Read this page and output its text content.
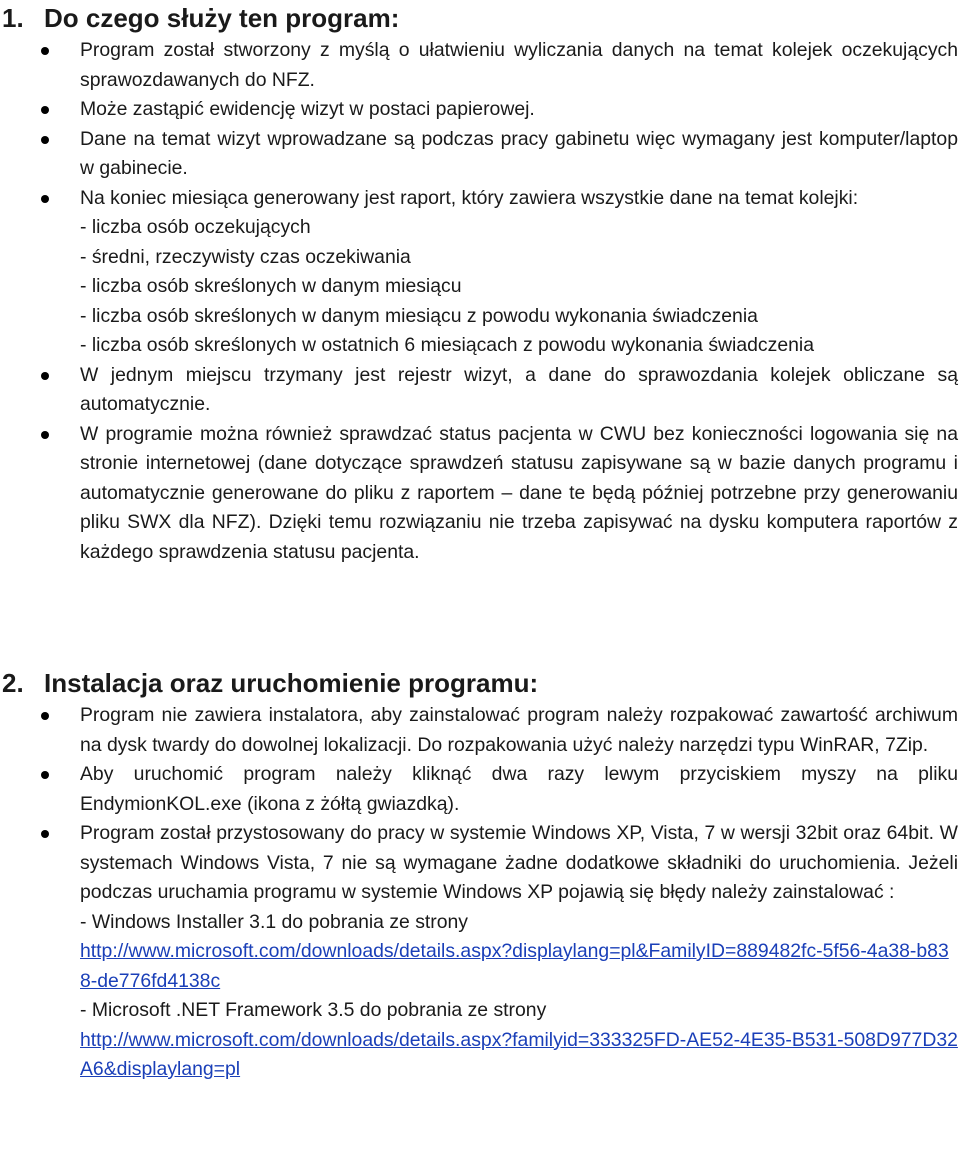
1. Do czego służy ten program:
Program został stworzony z myślą o ułatwieniu wyliczania danych na temat kolejek oczekujących sprawozdawanych do NFZ.
Może zastąpić ewidencję wizyt w postaci papierowej.
Dane na temat wizyt wprowadzane są podczas pracy gabinetu więc wymagany jest komputer/laptop w gabinecie.
Na koniec miesiąca generowany jest raport, który zawiera wszystkie dane na temat kolejki:
- liczba osób oczekujących
- średni, rzeczywisty czas oczekiwania
- liczba osób skreślonych w danym miesiącu
- liczba osób skreślonych w danym miesiącu z powodu wykonania świadczenia
- liczba osób skreślonych w ostatnich 6 miesiącach z powodu wykonania świadczenia
W jednym miejscu trzymany jest rejestr wizyt, a dane do sprawozdania kolejek obliczane są automatycznie.
W programie można również sprawdzać status pacjenta w CWU bez konieczności logowania się na stronie internetowej (dane dotyczące sprawdzeń statusu zapisywane są w bazie danych programu i automatycznie generowane do pliku z raportem – dane te będą później potrzebne przy generowaniu pliku SWX dla NFZ). Dzięki temu rozwiązaniu nie trzeba zapisywać na dysku komputera raportów z każdego sprawdzenia statusu pacjenta.
2. Instalacja oraz uruchomienie programu:
Program nie zawiera instalatora, aby zainstalować program należy rozpakować zawartość archiwum na dysk twardy do dowolnej lokalizacji. Do rozpakowania użyć należy narzędzi typu WinRAR, 7Zip.
Aby uruchomić program należy kliknąć dwa razy lewym przyciskiem myszy na pliku EndymionKOL.exe (ikona z żółtą gwiazdką).
Program został przystosowany do pracy w systemie Windows XP, Vista, 7 w wersji 32bit oraz 64bit. W systemach Windows Vista, 7 nie są wymagane żadne dodatkowe składniki do uruchomienia. Jeżeli podczas uruchamia programu w systemie Windows XP pojawią się błędy należy zainstalować :
- Windows Installer 3.1 do pobrania ze strony
http://www.microsoft.com/downloads/details.aspx?displaylang=pl&FamilyID=889482fc-5f56-4a38-b838-de776fd4138c
- Microsoft .NET Framework 3.5 do pobrania ze strony
http://www.microsoft.com/downloads/details.aspx?familyid=333325FD-AE52-4E35-B531-508D977D32A6&displaylang=pl
